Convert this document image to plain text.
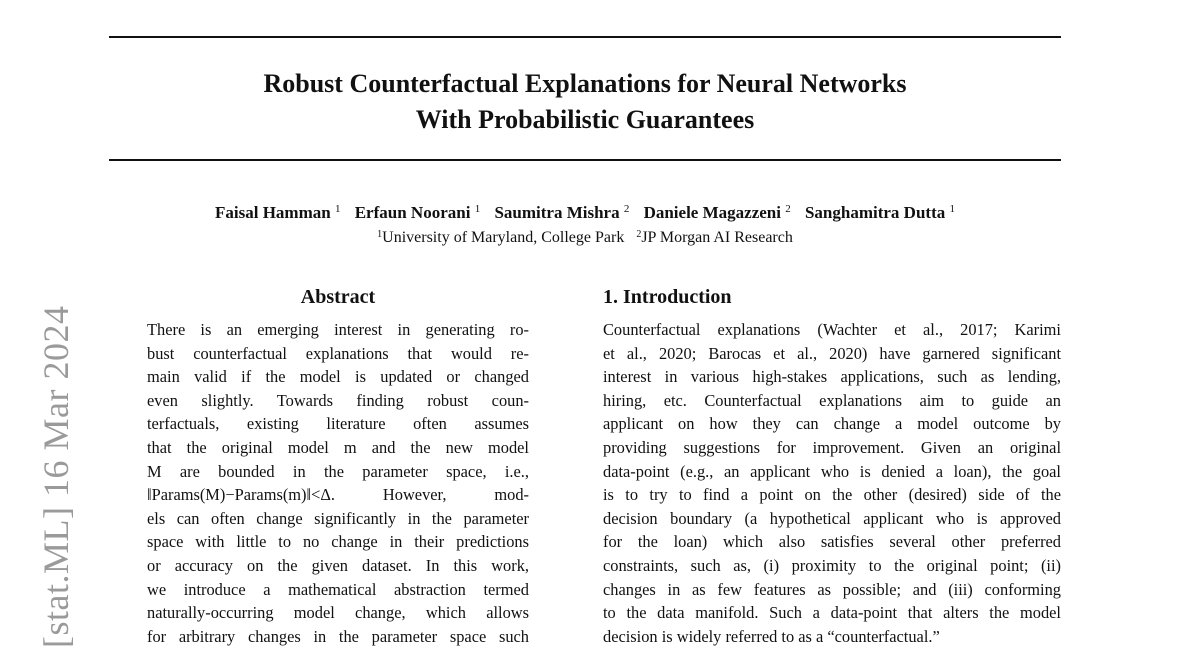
Robust Counterfactual Explanations for Neural Networks
With Probabilistic Guarantees
Faisal Hamman $^1$ Erfaun Noorani $^1$ Saumitra Mishra $^2$ Daniele Magazzeni $^2$ Sanghamitra Dutta $^1$
$^1$University of Maryland, College Park $^2$JP Morgan AI Research
[stat.ML] 16 Mar 2024
Abstract
There is an emerging interest in generating ro-
bust counterfactual explanations that would re-
main valid if the model is updated or changed
even slightly. Towards finding robust coun-
terfactuals, existing literature often assumes
that the original model m and the new model
M are bounded in the parameter space, i.e.,
‖Params(M)−Params(m)‖<Δ. However, mod-
els can often change significantly in the parameter
space with little to no change in their predictions
or accuracy on the given dataset. In this work,
we introduce a mathematical abstraction termed
naturally-occurring model change, which allows
for arbitrary changes in the parameter space such
1. Introduction
Counterfactual explanations (Wachter et al., 2017; Karimi
et al., 2020; Barocas et al., 2020) have garnered significant
interest in various high-stakes applications, such as lending,
hiring, etc. Counterfactual explanations aim to guide an
applicant on how they can change a model outcome by
providing suggestions for improvement. Given an original
data-point (e.g., an applicant who is denied a loan), the goal
is to try to find a point on the other (desired) side of the
decision boundary (a hypothetical applicant who is approved
for the loan) which also satisfies several other preferred
constraints, such as, (i) proximity to the original point; (ii)
changes in as few features as possible; and (iii) conforming
to the data manifold. Such a data-point that alters the model
decision is widely referred to as a “counterfactual.”
